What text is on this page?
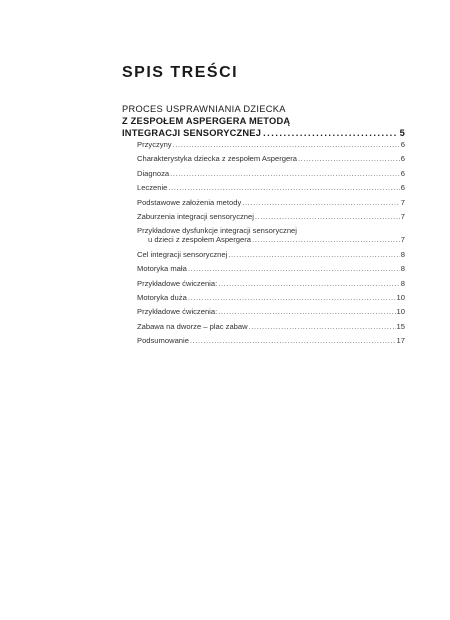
SPIS TREŚCI
PROCES USPRAWNIANIA DZIECKA
Z ZESPOŁEM ASPERGERA METODĄ
INTEGRACJI SENSORYCZNEJ .....	5
Przyczyny .....	6
Charakterystyka dziecka z zespołem Aspergera .....	6
Diagnoza .....	6
Leczenie .....	6
Podstawowe założenia metody .....	7
Zaburzenia integracji sensorycznej .....	7
Przykładowe dysfunkcje integracji sensorycznej
u dzieci z zespołem Aspergera .....	7
Cel integracji sensorycznej .....	8
Motoryka mała .....	8
Przykładowe ćwiczenia: .....	8
Motoryka duża .....	10
Przykładowe ćwiczenia: .....	10
Zabawa na dworze – plac zabaw .....	15
Podsumowanie .....	17
